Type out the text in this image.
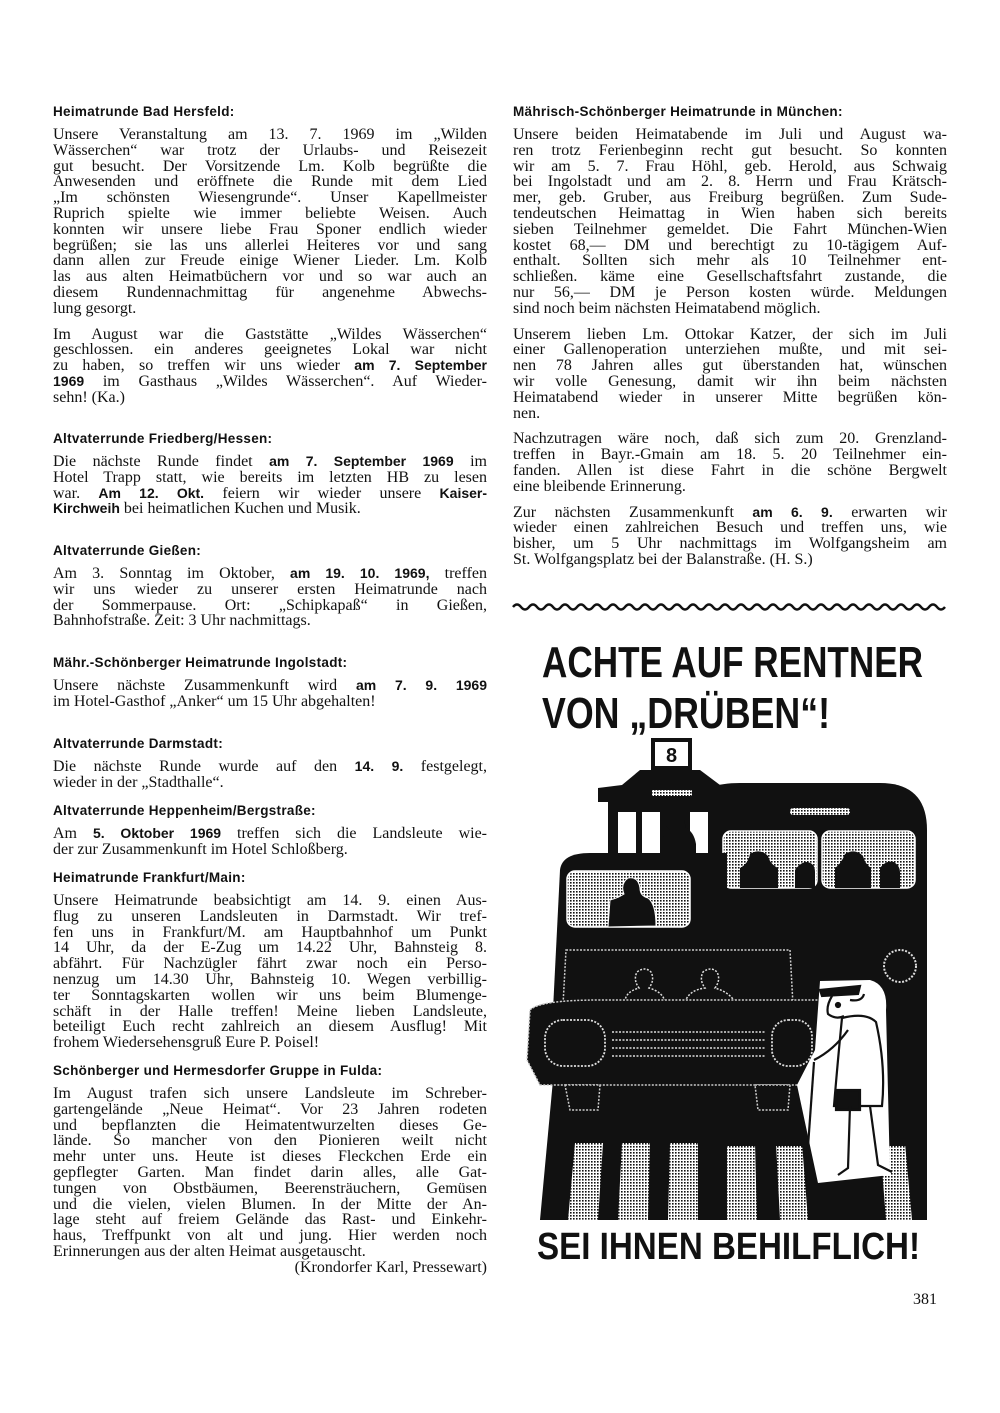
Heimatrunde Bad Hersfeld:
Unsere Veranstaltung am 13. 7. 1969 im „Wilden
Wässerchen“ war trotz der Urlaubs- und Reisezeit
gut besucht. Der Vorsitzende Lm. Kolb begrüßte die
Anwesenden und eröffnete die Runde mit dem Lied
„Im schönsten Wiesengrunde“. Unser Kapellmeister
Ruprich spielte wie immer beliebte Weisen. Auch
konnten wir unsere liebe Frau Sponer endlich wieder
begrüßen; sie las uns allerlei Heiteres vor und sang
dann allen zur Freude einige Wiener Lieder. Lm. Kolb
las aus alten Heimatbüchern vor und so war auch an
diesem Rundennachmittag für angenehme Abwechs-
lung gesorgt.
Im August war die Gaststätte „Wildes Wässerchen“
geschlossen. ein anderes geeignetes Lokal war nicht
zu haben, so treffen wir uns wieder am 7. September
1969 im Gasthaus „Wildes Wässerchen“. Auf Wieder-
sehn! (Ka.)
Altvaterrunde Friedberg/Hessen:
Die nächste Runde findet am 7. September 1969 im
Hotel Trapp statt, wie bereits im letzten HB zu lesen
war. Am 12. Okt. feiern wir wieder unsere Kaiser-
Kirchweih bei heimatlichen Kuchen und Musik.
Altvaterrunde Gießen:
Am 3. Sonntag im Oktober, am 19. 10. 1969, treffen
wir uns wieder zu unserer ersten Heimatrunde nach
der Sommerpause. Ort: „Schipkapaß“ in Gießen,
Bahnhofstraße. Zeit: 3 Uhr nachmittags.
Mähr.-Schönberger Heimatrunde Ingolstadt:
Unsere nächste Zusammenkunft wird am 7. 9. 1969
im Hotel-Gasthof „Anker“ um 15 Uhr abgehalten!
Altvaterrunde Darmstadt:
Die nächste Runde wurde auf den 14. 9. festgelegt,
wieder in der „Stadthalle“.
Altvaterrunde Heppenheim/Bergstraße:
Am 5. Oktober 1969 treffen sich die Landsleute wie-
der zur Zusammenkunft im Hotel Schloßberg.
Heimatrunde Frankfurt/Main:
Unsere Heimatrunde beabsichtigt am 14. 9. einen Aus-
flug zu unseren Landsleuten in Darmstadt. Wir tref-
fen uns in Frankfurt/M. am Hauptbahnhof um Punkt
14 Uhr, da der E-Zug um 14.22 Uhr, Bahnsteig 8.
abfährt. Für Nachzügler fährt zwar noch ein Perso-
nenzug um 14.30 Uhr, Bahnsteig 10. Wegen verbillig-
ter Sonntagskarten wollen wir uns beim Blumenge-
schäft in der Halle treffen! Meine lieben Landsleute,
beteiligt Euch recht zahlreich an diesem Ausflug! Mit
frohem Wiedersehensgruß Eure P. Poisel!
Schönberger und Hermesdorfer Gruppe in Fulda:
Im August trafen sich unsere Landsleute im Schreber-
gartengelände „Neue Heimat“. Vor 23 Jahren rodeten
und bepflanzten die Heimatentwurzelten dieses Ge-
lände. So mancher von den Pionieren weilt nicht
mehr unter uns. Heute ist dieses Fleckchen Erde ein
gepflegter Garten. Man findet darin alles, alle Gat-
tungen von Obstbäumen, Beerensträuchern, Gemüsen
und die vielen, vielen Blumen. In der Mitte der An-
lage steht auf freiem Gelände das Rast- und Einkehr-
haus, Treffpunkt von alt und jung. Hier werden noch
Erinnerungen aus der alten Heimat ausgetauscht.
(Krondorfer Karl, Pressewart)
Mährisch-Schönberger Heimatrunde in München:
Unsere beiden Heimatabende im Juli und August wa-
ren trotz Ferienbeginn recht gut besucht. So konnten
wir am 5. 7. Frau Höhl, geb. Herold, aus Schwaig
bei Ingolstadt und am 2. 8. Herrn und Frau Krätsch-
mer, geb. Gruber, aus Freiburg begrüßen. Zum Sude-
tendeutschen Heimattag in Wien haben sich bereits
sieben Teilnehmer gemeldet. Die Fahrt München-Wien
kostet 68,— DM und berechtigt zu 10-tägigem Auf-
enthalt. Sollten sich mehr als 10 Teilnehmer ent-
schließen. käme eine Gesellschaftsfahrt zustande, die
nur 56,— DM je Person kosten würde. Meldungen
sind noch beim nächsten Heimatabend möglich.
Unserem lieben Lm. Ottokar Katzer, der sich im Juli
einer Gallenoperation unterziehen mußte, und mit sei-
nen 78 Jahren alles gut überstanden hat, wünschen
wir volle Genesung, damit wir ihn beim nächsten
Heimatabend wieder in unserer Mitte begrüßen kön-
nen.
Nachzutragen wäre noch, daß sich zum 20. Grenzland-
treffen in Bayr.-Gmain am 18. 5. 20 Teilnehmer ein-
fanden. Allen ist diese Fahrt in die schöne Bergwelt
eine bleibende Erinnerung.
Zur nächsten Zusammenkunft am 6. 9. erwarten wir
wieder einen zahlreichen Besuch und treffen uns, wie
bisher, um 5 Uhr nachmittags im Wolfgangsheim am
St. Wolfgangsplatz bei der Balanstraße. (H. S.)
ACHTE AUF RENTNER
VON „DRÜBEN“!
8
SEI IHNEN BEHILFLICH!
381
